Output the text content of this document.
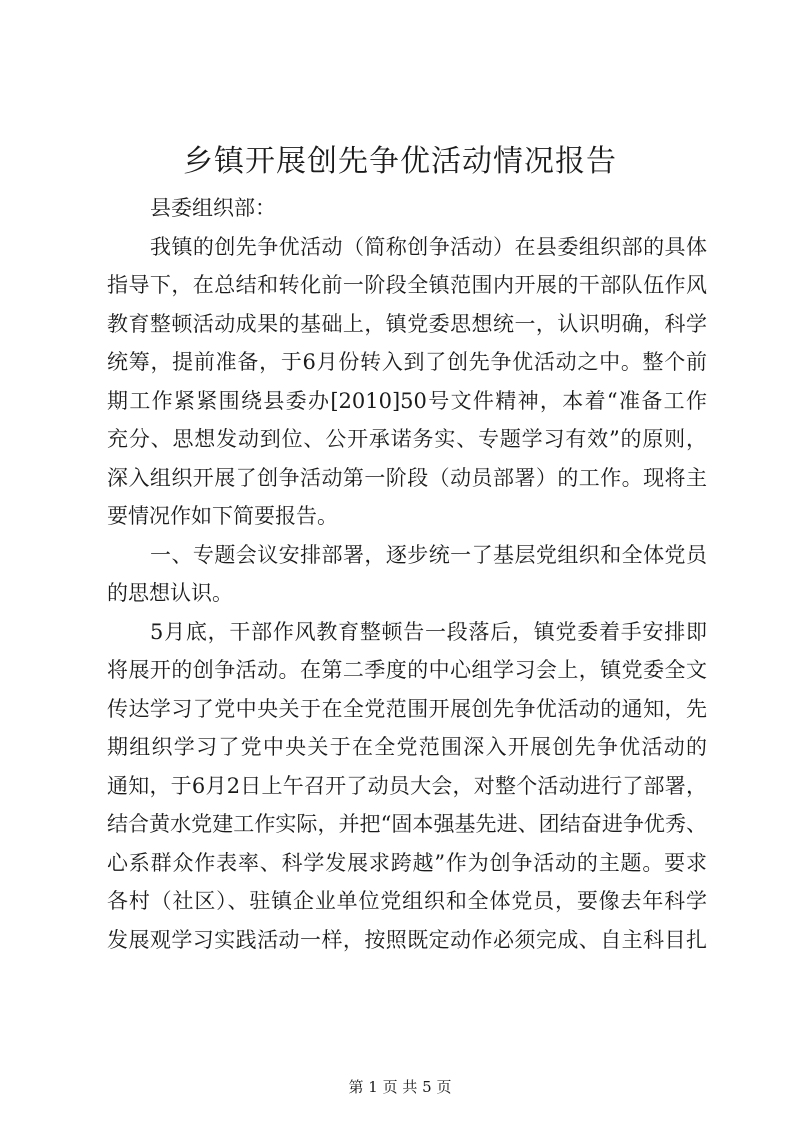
乡镇开展创先争优活动情况报告
县委组织部：
我镇的创先争优活动（简称创争活动）在县委组织部的具体
指导下，在总结和转化前一阶段全镇范围内开展的干部队伍作风
教育整顿活动成果的基础上，镇党委思想统一，认识明确，科学
统筹，提前准备，于6月份转入到了创先争优活动之中。整个前
期工作紧紧围绕县委办[2010]50号文件精神，本着“准备工作
充分、思想发动到位、公开承诺务实、专题学习有效”的原则，
深入组织开展了创争活动第一阶段（动员部署）的工作。现将主
要情况作如下简要报告。
一、专题会议安排部署，逐步统一了基层党组织和全体党员
的思想认识。
5月底，干部作风教育整顿告一段落后，镇党委着手安排即
将展开的创争活动。在第二季度的中心组学习会上，镇党委全文
传达学习了党中央关于在全党范围开展创先争优活动的通知，先
期组织学习了党中央关于在全党范围深入开展创先争优活动的
通知，于6月2日上午召开了动员大会，对整个活动进行了部署，
结合黄水党建工作实际，并把“固本强基先进、团结奋进争优秀、
心系群众作表率、科学发展求跨越”作为创争活动的主题。要求
各村（社区）、驻镇企业单位党组织和全体党员，要像去年科学
发展观学习实践活动一样，按照既定动作必须完成、自主科目扎
第 1 页 共 5 页
